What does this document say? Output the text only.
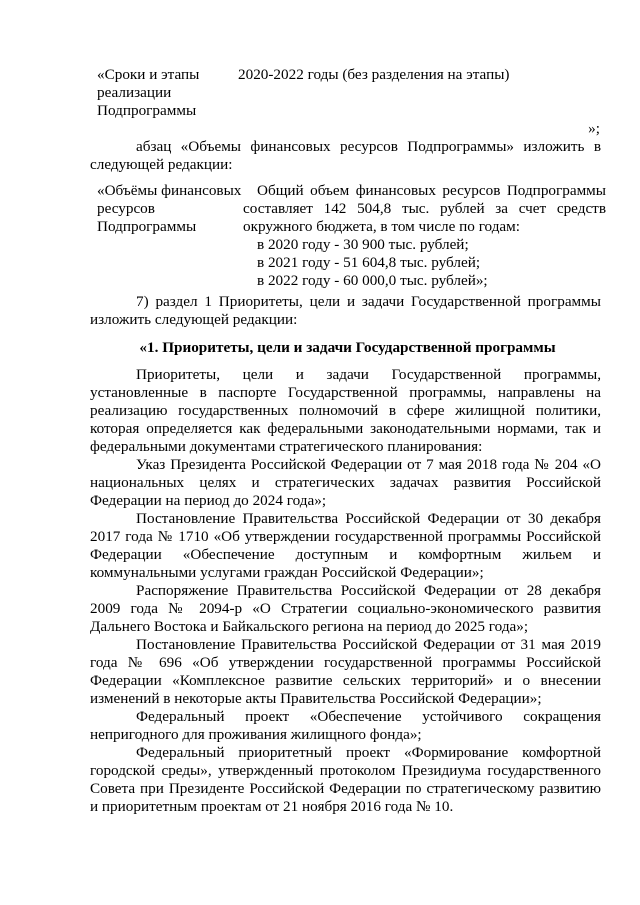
«Сроки и этапы реализации Подпрограммы
2020-2022 годы (без разделения на этапы)
»;
абзац «Объемы финансовых ресурсов Подпрограммы» изложить в следующей редакции:
«Объёмы финансовых ресурсов Подпрограммы

Общий объем финансовых ресурсов Подпрограммы составляет 142 504,8 тыс. рублей за счет средств

окружного бюджета, в том числе по годам:

в 2020 году - 30 900 тыс. рублей;

в 2021 году - 51 604,8 тыс. рублей;

в 2022 году - 60 000,0 тыс. рублей»;

7) раздел 1 Приоритеты, цели и задачи Государственной программы изложить следующей редакции:
«1. Приоритеты, цели и задачи Государственной программы
Приоритеты, цели и задачи Государственной программы, установленные в паспорте Государственной программы, направлены на реализацию государственных полномочий в сфере жилищной политики, которая определяется как федеральными законодательными нормами, так и федеральными документами стратегического планирования:
Указ Президента Российской Федерации от 7 мая 2018 года № 204 «О национальных целях и стратегических задачах развития Российской Федерации на период до 2024 года»;
Постановление Правительства Российской Федерации от 30 декабря 2017 года № 1710 «Об утверждении государственной программы Российской Федерации «Обеспечение доступным и комфортным жильем и коммунальными услугами граждан Российской Федерации»;
Распоряжение Правительства Российской Федерации от 28 декабря 2009 года № 2094-р «О Стратегии социально-экономического развития Дальнего Востока и Байкальского региона на период до 2025 года»;
Постановление Правительства Российской Федерации от 31 мая 2019 года № 696 «Об утверждении государственной программы Российской Федерации «Комплексное развитие сельских территорий» и о внесении изменений в некоторые акты Правительства Российской Федерации»;
Федеральный проект «Обеспечение устойчивого сокращения непригодного для проживания жилищного фонда»;
Федеральный приоритетный проект «Формирование комфортной городской среды», утвержденный протоколом Президиума государственного Совета при Президенте Российской Федерации по стратегическому развитию и приоритетным проектам от 21 ноября 2016 года № 10.
